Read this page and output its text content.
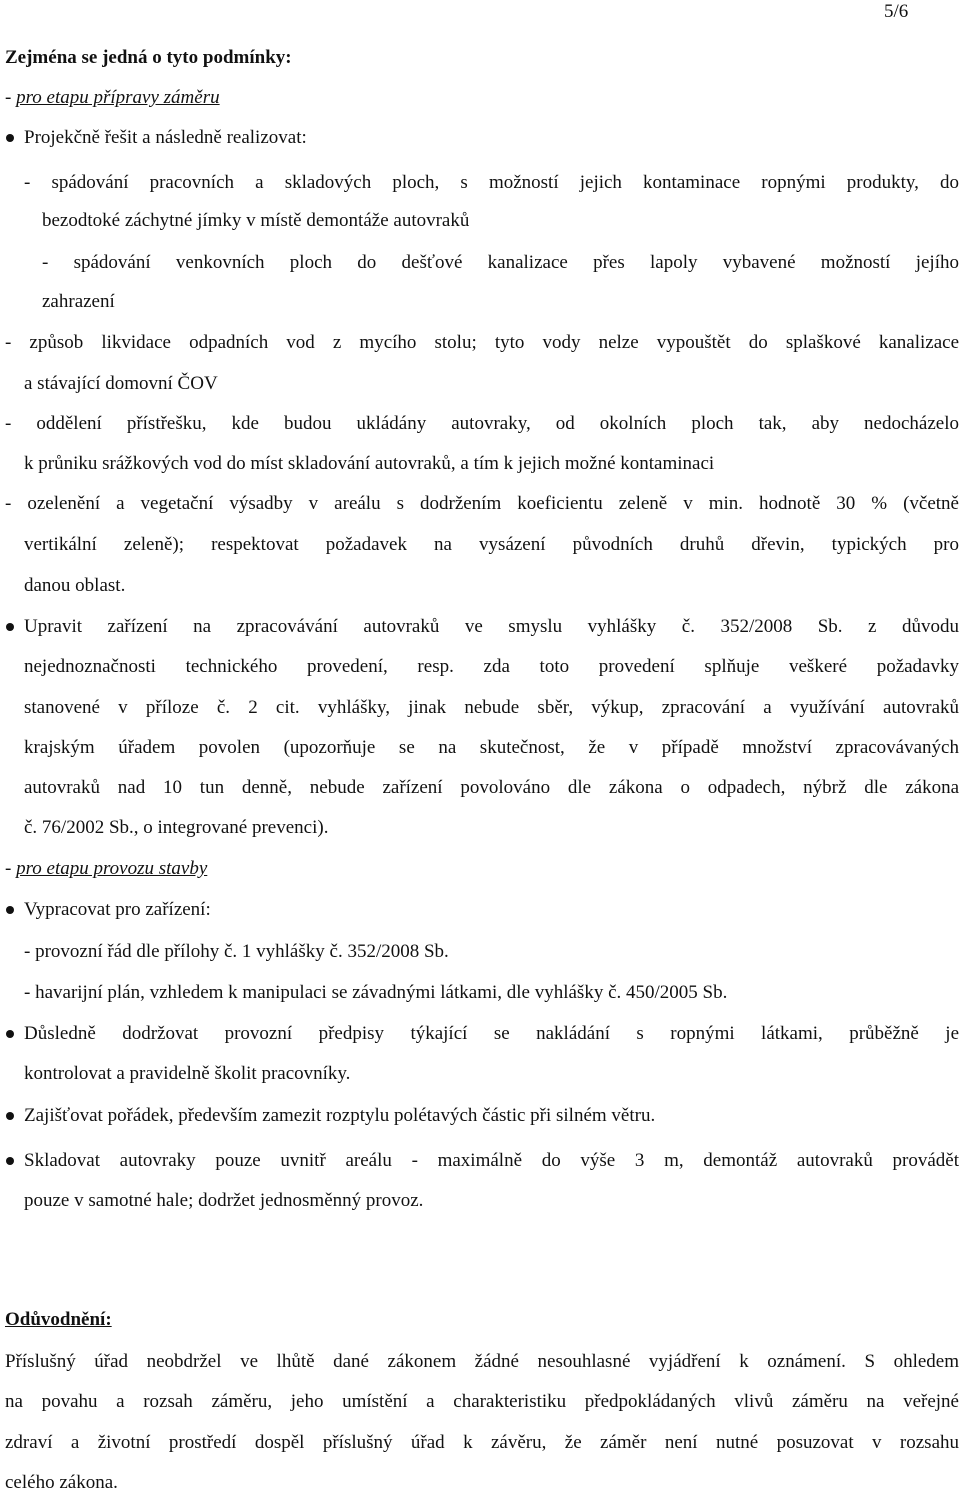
5/6
Zejména se jedná o tyto podmínky:
- pro etapu přípravy záměru
Projekčně řešit a následně realizovat:
- spádování pracovních a skladových ploch, s možností jejich kontaminace ropnými produkty, do
bezodtoké záchytné jímky v místě demontáže autovraků
- spádování venkovních ploch do dešťové kanalizace přes lapoly vybavené možností jejího
zahrazení
- způsob likvidace odpadních vod z mycího stolu; tyto vody nelze vypouštět do splaškové kanalizace
a stávající domovní ČOV
- oddělení přístřešku, kde budou ukládány autovraky, od okolních ploch tak, aby nedocházelo
k průniku srážkových vod do míst skladování autovraků, a tím k jejich možné kontaminaci
- ozelenění a vegetační výsadby v areálu s dodržením koeficientu zeleně v min. hodnotě 30 % (včetně
vertikální zeleně); respektovat požadavek na vysázení původních druhů dřevin, typických pro
danou oblast.
Upravit zařízení na zpracovávání autovraků ve smyslu vyhlášky č. 352/2008 Sb. z důvodu
nejednoznačnosti technického provedení, resp. zda toto provedení splňuje veškeré požadavky
stanovené v příloze č. 2 cit. vyhlášky, jinak nebude sběr, výkup, zpracování a využívání autovraků
krajským úřadem povolen (upozorňuje se na skutečnost, že v případě množství zpracovávaných
autovraků nad 10 tun denně, nebude zařízení povolováno dle zákona o odpadech, nýbrž dle zákona
č. 76/2002 Sb., o integrované prevenci).
- pro etapu provozu stavby
Vypracovat pro zařízení:
- provozní řád dle přílohy č. 1 vyhlášky č. 352/2008 Sb.
- havarijní plán, vzhledem k manipulaci se závadnými látkami, dle vyhlášky č. 450/2005 Sb.
Důsledně dodržovat provozní předpisy týkající se nakládání s ropnými látkami, průběžně je
kontrolovat a pravidelně školit pracovníky.
Zajišťovat pořádek, především zamezit rozptylu polétavých částic při silném větru.
Skladovat autovraky pouze uvnitř areálu - maximálně do výše 3 m, demontáž autovraků provádět
pouze v samotné hale; dodržet jednosměnný provoz.
Odůvodnění:
Příslušný úřad neobdržel ve lhůtě dané zákonem žádné nesouhlasné vyjádření k oznámení. S ohledem
na povahu a rozsah záměru, jeho umístění a charakteristiku předpokládaných vlivů záměru na veřejné
zdraví a životní prostředí dospěl příslušný úřad k závěru, že záměr není nutné posuzovat v rozsahu
celého zákona.
